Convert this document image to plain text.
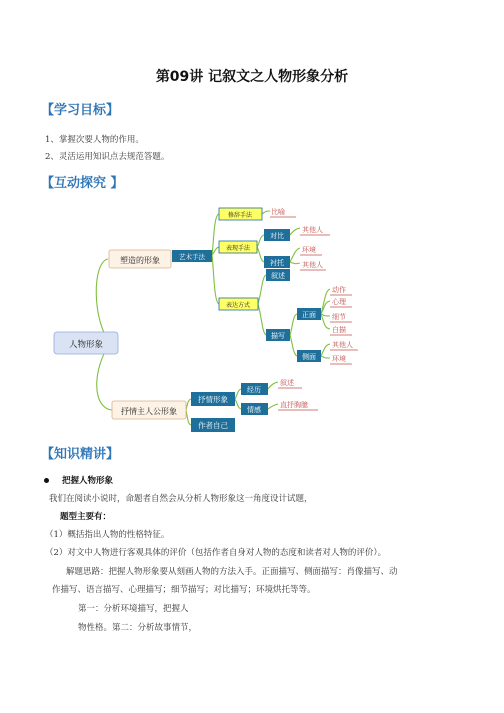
第09讲 记叙文之人物形象分析
【学习目标】
1、掌握次要人物的作用。
2、灵活运用知识点去规范答题。
【互动探究 】
人物形象
塑造的形象
抒情主人公形象
艺术手法
修辞手法
表现手法
表达方式
对比
衬托
叙述
描写
正面
侧面
比喻
其他人
环境
其他人
动作
心理
细节
白描
其他人
环境
叙述
直抒胸臆
抒情形象
作者自己
经历
情感
【知识精讲】
把握人物形象
我们在阅读小说时，命题者自然会从分析人物形象这一角度设计试题，
题型主要有：
（1）概括指出人物的性格特征。
（2）对文中人物进行客观具体的评价（包括作者自身对人物的态度和读者对人物的评价）。
解题思路：把握人物形象要从刻画人物的方法入手。正面描写、侧面描写：肖像描写、动
作描写、语言描写、心理描写；细节描写；对比描写；环境烘托等等。
第一：分析环境描写，把握人
物性格。第二：分析故事情节，
